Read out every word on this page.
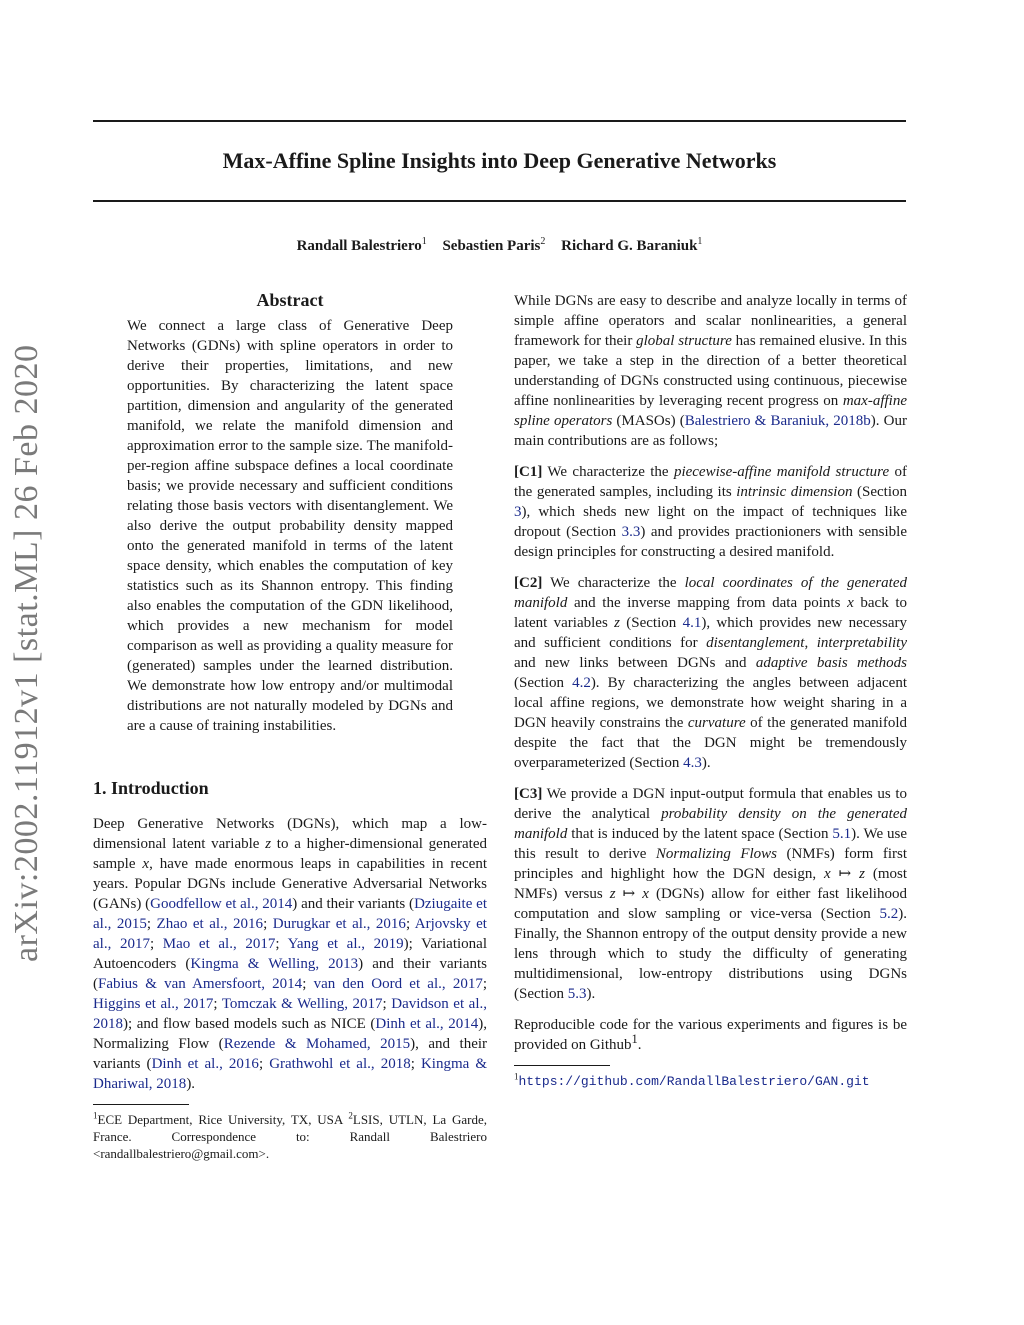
Max-Affine Spline Insights into Deep Generative Networks
Randall Balestriero$^1$ Sebastien Paris$^2$ Richard G. Baraniuk$^1$
arXiv:2002.11912v1 [stat.ML] 26 Feb 2020
Abstract

We connect a large class of Generative Deep Networks (GDNs) with spline operators in order to derive their properties, limitations, and new opportunities. By characterizing the latent space partition, dimension and angularity of the generated manifold, we relate the manifold dimension and approximation error to the sample size. The manifold-per-region affine subspace defines a local coordinate basis; we provide necessary and sufficient conditions relating those basis vectors with disentanglement. We also derive the output probability density mapped onto the generated manifold in terms of the latent space density, which enables the computation of key statistics such as its Shannon entropy. This finding also enables the computation of the GDN likelihood, which provides a new mechanism for model comparison as well as providing a quality measure for (generated) samples under the learned distribution. We demonstrate how low entropy and/or multimodal distributions are not naturally modeled by DGNs and are a cause of training instabilities.

1. Introduction

Deep Generative Networks (DGNs), which map a low-dimensional latent variable z to a higher-dimensional generated sample x, have made enormous leaps in capabilities in recent years. Popular DGNs include Generative Adversarial Networks (GANs) (Goodfellow et al., 2014) and their variants (Dziugaite et al., 2015; Zhao et al., 2016; Durugkar et al., 2016; Arjovsky et al., 2017; Mao et al., 2017; Yang et al., 2019); Variational Autoencoders (Kingma & Welling, 2013) and their variants (Fabius & van Amersfoort, 2014; van den Oord et al., 2017; Higgins et al., 2017; Tomczak & Welling, 2017; Davidson et al., 2018); and flow based models such as NICE (Dinh et al., 2014), Normalizing Flow (Rezende & Mohamed, 2015), and their variants (Dinh et al., 2016; Grathwohl et al., 2018; Kingma & Dhariwal, 2018).

$^1$ECE Department, Rice University, TX, USA $^2$LSIS, UTLN, La Garde, France. Correspondence to: Randall Balestriero <randallbalestriero@gmail.com>.

While DGNs are easy to describe and analyze locally in terms of simple affine operators and scalar nonlinearities, a general framework for their global structure has remained elusive. In this paper, we take a step in the direction of a better theoretical understanding of DGNs constructed using continuous, piecewise affine nonlinearities by leveraging recent progress on max-affine spline operators (MASOs) (Balestriero & Baraniuk, 2018b). Our main contributions are as follows;

[C1] We characterize the piecewise-affine manifold structure of the generated samples, including its intrinsic dimension (Section 3), which sheds new light on the impact of techniques like dropout (Section 3.3) and provides practionioners with sensible design principles for constructing a desired manifold.

[C2] We characterize the local coordinates of the generated manifold and the inverse mapping from data points x back to latent variables z (Section 4.1), which provides new necessary and sufficient conditions for disentanglement, interpretability and new links between DGNs and adaptive basis methods (Section 4.2). By characterizing the angles between adjacent local affine regions, we demonstrate how weight sharing in a DGN heavily constrains the curvature of the generated manifold despite the fact that the DGN might be tremendously overparameterized (Section 4.3).

[C3] We provide a DGN input-output formula that enables us to derive the analytical probability density on the generated manifold that is induced by the latent space (Section 5.1). We use this result to derive Normalizing Flows (NMFs) form first principles and highlight how the DGN design, x ↦ z (most NMFs) versus z ↦ x (DGNs) allow for either fast likelihood computation and slow sampling or vice-versa (Section 5.2). Finally, the Shannon entropy of the output density provide a new lens through which to study the difficulty of generating multidimensional, low-entropy distributions using DGNs (Section 5.3).

Reproducible code for the various experiments and figures is be provided on Github$^1$.

$^1$https://github.com/RandallBalestriero/GAN.git
